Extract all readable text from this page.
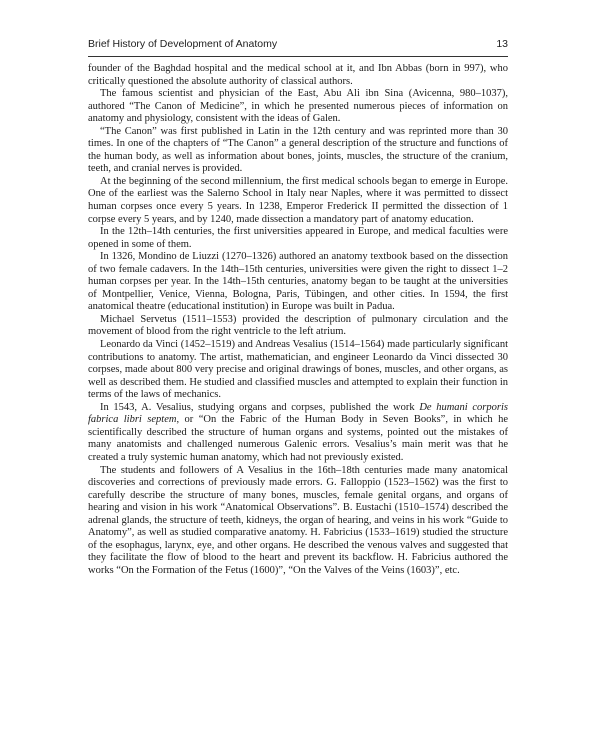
Brief History of Development of Anatomy	13

founder of the Baghdad hospital and the medical school at it, and Ibn Abbas (born in 997), who critically questioned the absolute authority of classical authors.

The famous scientist and physician of the East, Abu Ali ibn Sina (Avicenna, 980–1037), authored “The Canon of Medicine”, in which he presented numerous pieces of information on anatomy and physiology, consistent with the ideas of Galen.

“The Canon” was first published in Latin in the 12th century and was reprinted more than 30 times. In one of the chapters of “The Canon” a general description of the structure and functions of the human body, as well as information about bones, joints, muscles, the structure of the cranium, teeth, and cranial nerves is provided.

At the beginning of the second millennium, the first medical schools began to emerge in Europe. One of the earliest was the Salerno School in Italy near Naples, where it was permitted to dissect human corpses once every 5 years. In 1238, Emperor Frederick II permitted the dissection of 1 corpse every 5 years, and by 1240, made dissection a mandatory part of anatomy education.

In the 12th–14th centuries, the first universities appeared in Europe, and medical faculties were opened in some of them.

In 1326, Mondino de Liuzzi (1270–1326) authored an anatomy textbook based on the dissection of two female cadavers. In the 14th–15th centuries, universities were given the right to dissect 1–2 human corpses per year. In the 14th–15th centuries, anatomy began to be taught at the universities of Montpellier, Venice, Vienna, Bologna, Paris, Tübingen, and other cities. In 1594, the first anatomical theatre (educational institution) in Europe was built in Padua.

Michael Servetus (1511–1553) provided the description of pulmonary circulation and the movement of blood from the right ventricle to the left atrium.

Leonardo da Vinci (1452–1519) and Andreas Vesalius (1514–1564) made particularly significant contributions to anatomy. The artist, mathematician, and engineer Leonardo da Vinci dissected 30 corpses, made about 800 very precise and original drawings of bones, muscles, and other organs, as well as described them. He studied and classified muscles and attempted to explain their function in terms of the laws of mechanics.

In 1543, A. Vesalius, studying organs and corpses, published the work De humani corporis fabrica libri septem, or “On the Fabric of the Human Body in Seven Books”, in which he scientifically described the structure of human organs and systems, pointed out the mistakes of many anatomists and challenged numerous Galenic errors. Vesalius’s main merit was that he created a truly systemic human anatomy, which had not previously existed.

The students and followers of A Vesalius in the 16th–18th centuries made many anatomical discoveries and corrections of previously made errors. G. Falloppio (1523–1562) was the first to carefully describe the structure of many bones, muscles, female genital organs, and organs of hearing and vision in his work “Anatomical Observations”. B. Eustachi (1510–1574) described the adrenal glands, the structure of teeth, kidneys, the organ of hearing, and veins in his work “Guide to Anatomy”, as well as studied comparative anatomy. H. Fabricius (1533–1619) studied the structure of the esophagus, larynx, eye, and other organs. He described the venous valves and suggested that they facilitate the flow of blood to the heart and prevent its backflow. H. Fabricius authored the works “On the Formation of the Fetus (1600)”, “On the Valves of the Veins (1603)”, etc.
